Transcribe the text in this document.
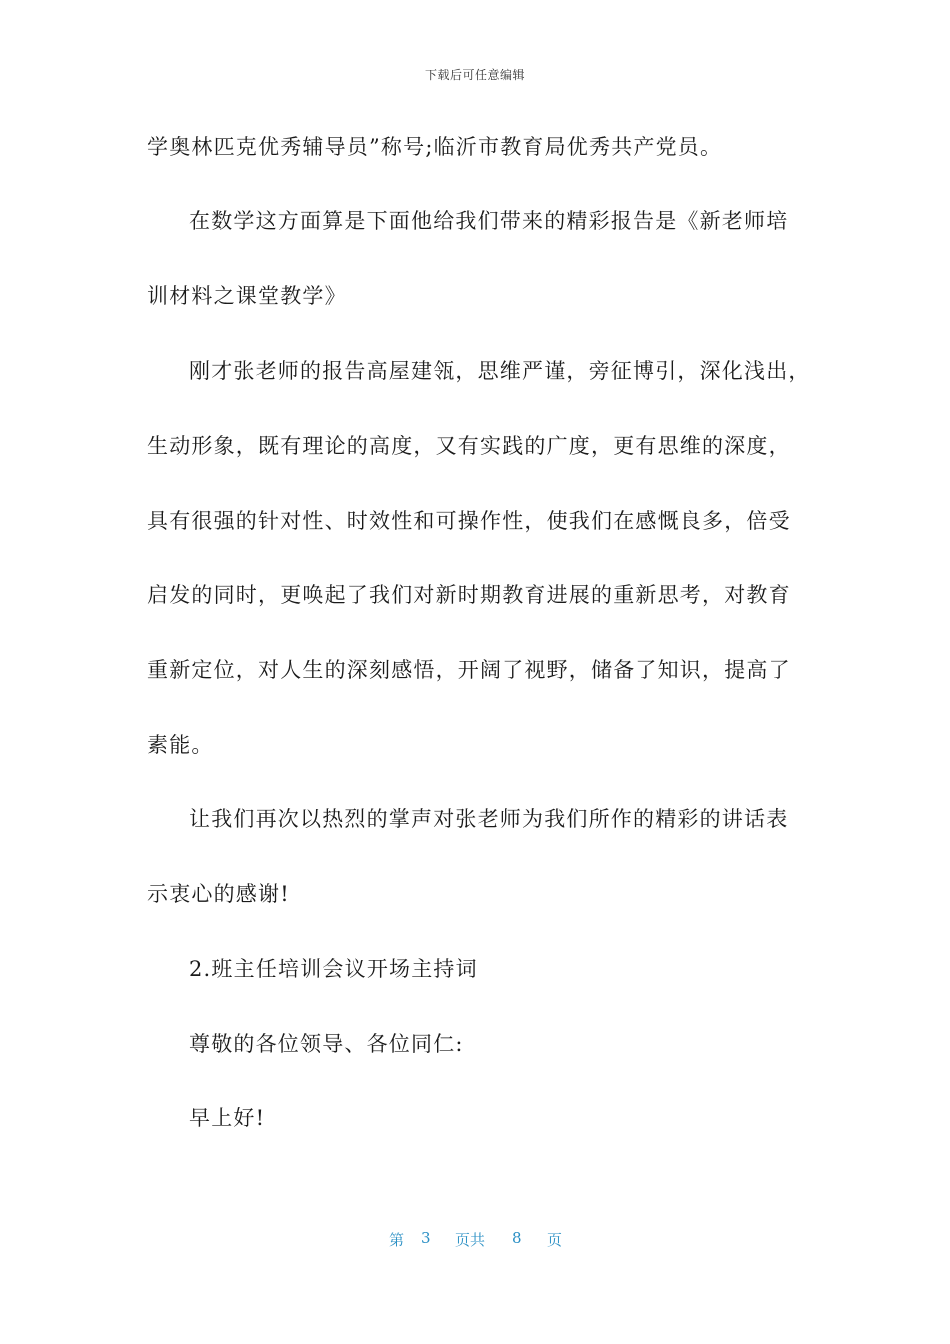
下载后可任意编辑
学奥林匹克优秀辅导员”称号;临沂市教育局优秀共产党员。
在数学这方面算是下面他给我们带来的精彩报告是《新老师培
训材料之课堂教学》
刚才张老师的报告高屋建瓴，思维严谨，旁征博引，深化浅出，
生动形象，既有理论的高度，又有实践的广度，更有思维的深度，
具有很强的针对性、时效性和可操作性，使我们在感慨良多，倍受
启发的同时，更唤起了我们对新时期教育进展的重新思考，对教育
重新定位，对人生的深刻感悟，开阔了视野，储备了知识，提高了
素能。
让我们再次以热烈的掌声对张老师为我们所作的精彩的讲话表
示衷心的感谢!
2.班主任培训会议开场主持词
尊敬的各位领导、各位同仁:
早上好!
第 3 页共 8 页
